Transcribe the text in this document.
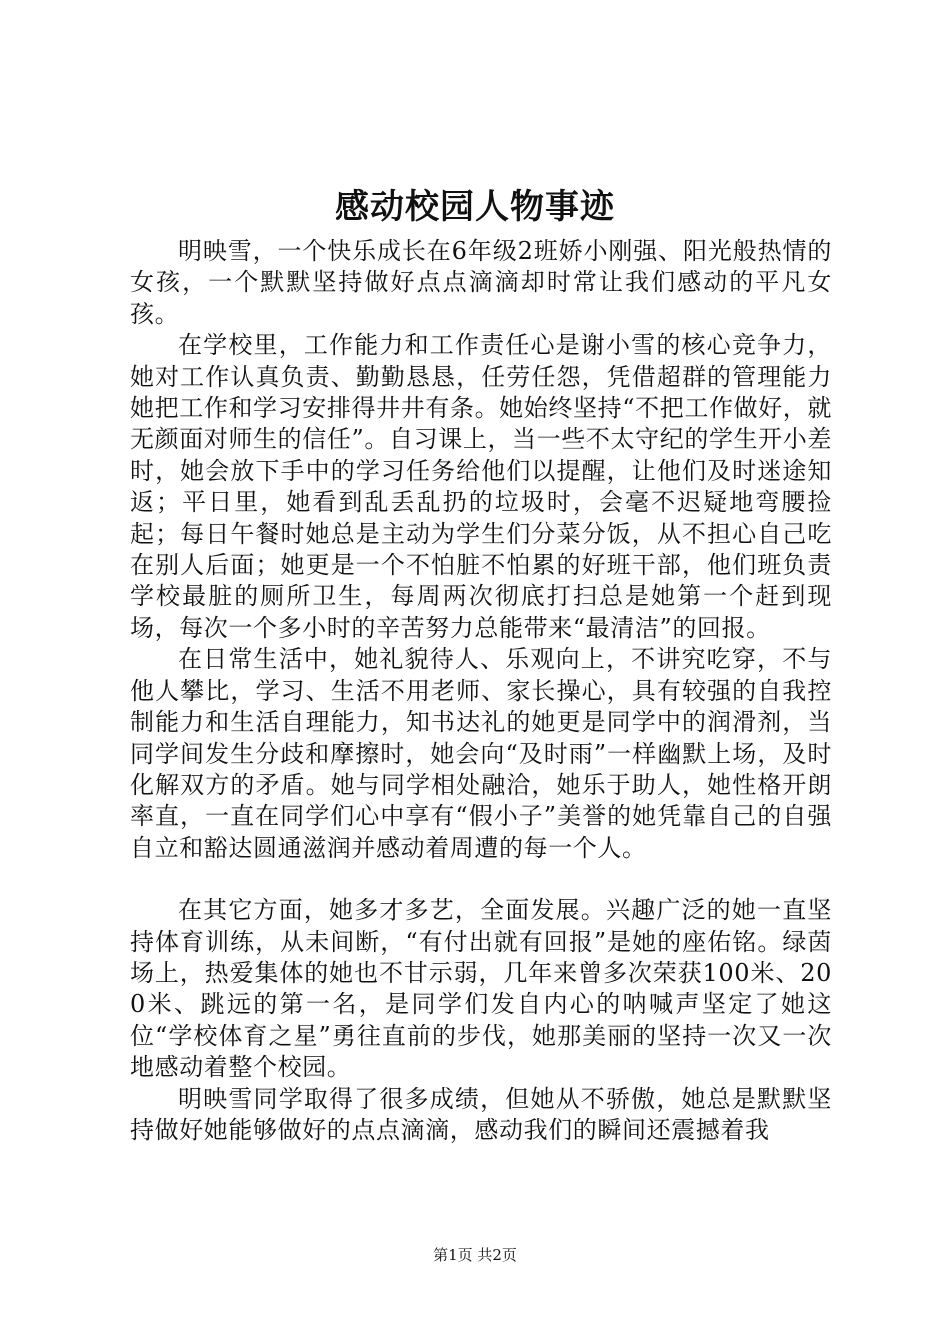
感动校园人物事迹

明映雪，一个快乐成长在6年级2班娇小刚强、阳光般热情的女孩，一个默默坚持做好点点滴滴却时常让我们感动的平凡女孩。

在学校里，工作能力和工作责任心是谢小雪的核心竞争力，她对工作认真负责、勤勤恳恳，任劳任怨，凭借超群的管理能力她把工作和学习安排得井井有条。她始终坚持“不把工作做好，就无颜面对师生的信任”。自习课上，当一些不太守纪的学生开小差时，她会放下手中的学习任务给他们以提醒，让他们及时迷途知返；平日里，她看到乱丢乱扔的垃圾时，会毫不迟疑地弯腰捡起；每日午餐时她总是主动为学生们分菜分饭，从不担心自己吃在别人后面；她更是一个不怕脏不怕累的好班干部，他们班负责学校最脏的厕所卫生，每周两次彻底打扫总是她第一个赶到现场，每次一个多小时的辛苦努力总能带来“最清洁”的回报。

在日常生活中，她礼貌待人、乐观向上，不讲究吃穿，不与他人攀比，学习、生活不用老师、家长操心，具有较强的自我控制能力和生活自理能力，知书达礼的她更是同学中的润滑剂，当同学间发生分歧和摩擦时，她会向“及时雨”一样幽默上场，及时化解双方的矛盾。她与同学相处融洽，她乐于助人，她性格开朗率直，一直在同学们心中享有“假小子”美誉的她凭靠自己的自强自立和豁达圆通滋润并感动着周遭的每一个人。

在其它方面，她多才多艺，全面发展。兴趣广泛的她一直坚持体育训练，从未间断，“有付出就有回报”是她的座佑铭。绿茵场上，热爱集体的她也不甘示弱，几年来曾多次荣获100米、200米、跳远的第一名，是同学们发自内心的呐喊声坚定了她这位“学校体育之星”勇往直前的步伐，她那美丽的坚持一次又一次地感动着整个校园。

明映雪同学取得了很多成绩，但她从不骄傲，她总是默默坚持做好她能够做好的点点滴滴，感动我们的瞬间还震撼着我

第1页 共2页
